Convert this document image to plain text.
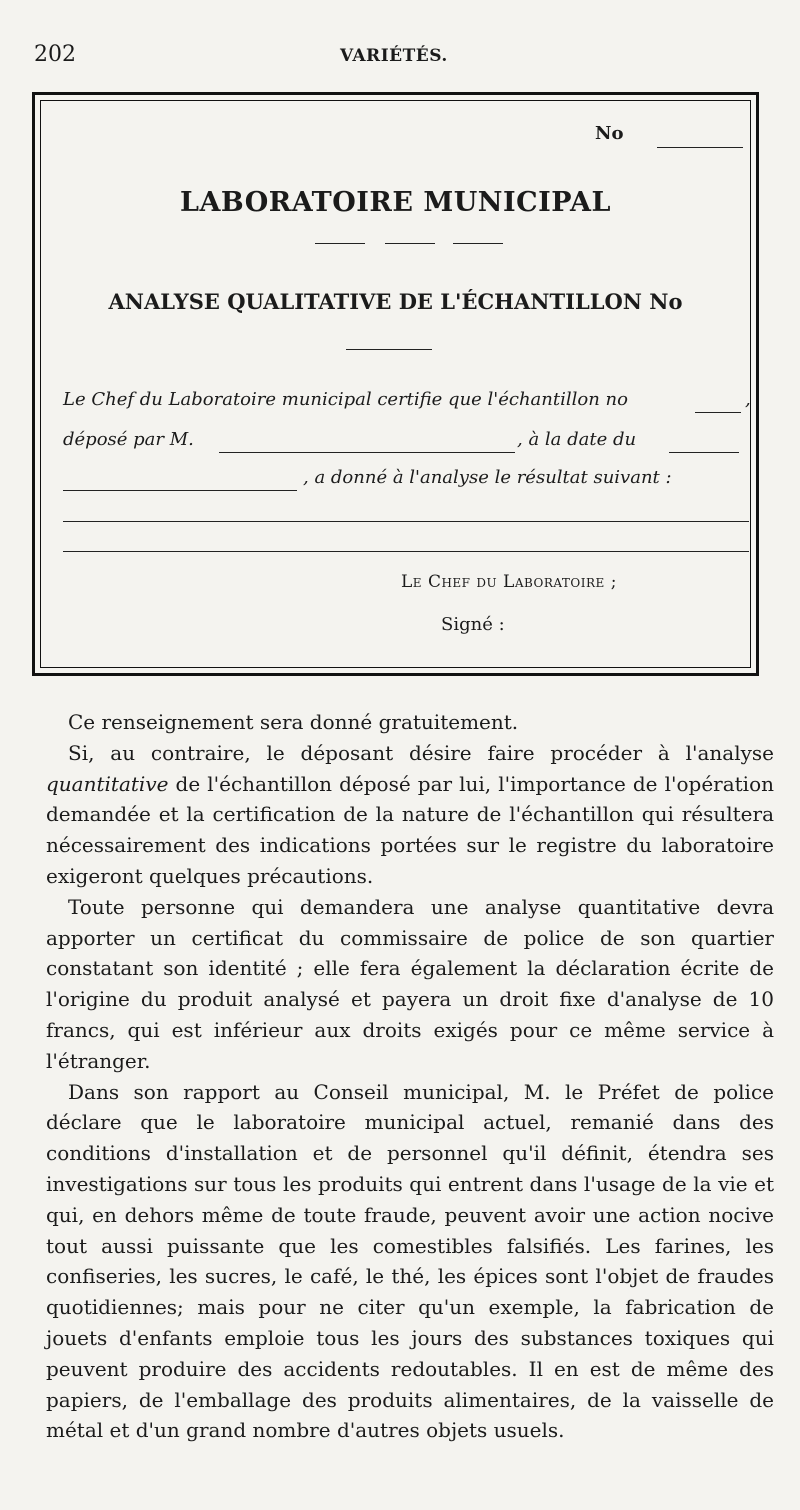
202	VARIÉTÉS.
No
LABORATOIRE MUNICIPAL
ANALYSE QUALITATIVE DE L'ÉCHANTILLON No
Le Chef du Laboratoire municipal certifie que l'échantillon no	,
déposé par M.	, à la date du
, a donné à l'analyse le résultat suivant :
Le Chef du Laboratoire ;
Signé :

Ce renseignement sera donné gratuitement.

Si, au contraire, le déposant désire faire procéder à l'analyse quantitative de l'échantillon déposé par lui, l'importance de l'opération demandée et la certification de la nature de l'échantillon qui résultera nécessairement des indications portées sur le registre du laboratoire exigeront quelques précautions.

Toute personne qui demandera une analyse quantitative devra apporter un certificat du commissaire de police de son quartier constatant son identité ; elle fera également la déclaration écrite de l'origine du produit analysé et payera un droit fixe d'analyse de 10 francs, qui est inférieur aux droits exigés pour ce même service à l'étranger.

Dans son rapport au Conseil municipal, M. le Préfet de police déclare que le laboratoire municipal actuel, remanié dans des conditions d'installation et de personnel qu'il définit, étendra ses investigations sur tous les produits qui entrent dans l'usage de la vie et qui, en dehors même de toute fraude, peuvent avoir une action nocive tout aussi puissante que les comestibles falsifiés. Les farines, les confiseries, les sucres, le café, le thé, les épices sont l'objet de fraudes quotidiennes; mais pour ne citer qu'un exemple, la fabrication de jouets d'enfants emploie tous les jours des substances toxiques qui peuvent produire des accidents redoutables. Il en est de même des papiers, de l'emballage des produits alimentaires, de la vaisselle de métal et d'un grand nombre d'autres objets usuels.
